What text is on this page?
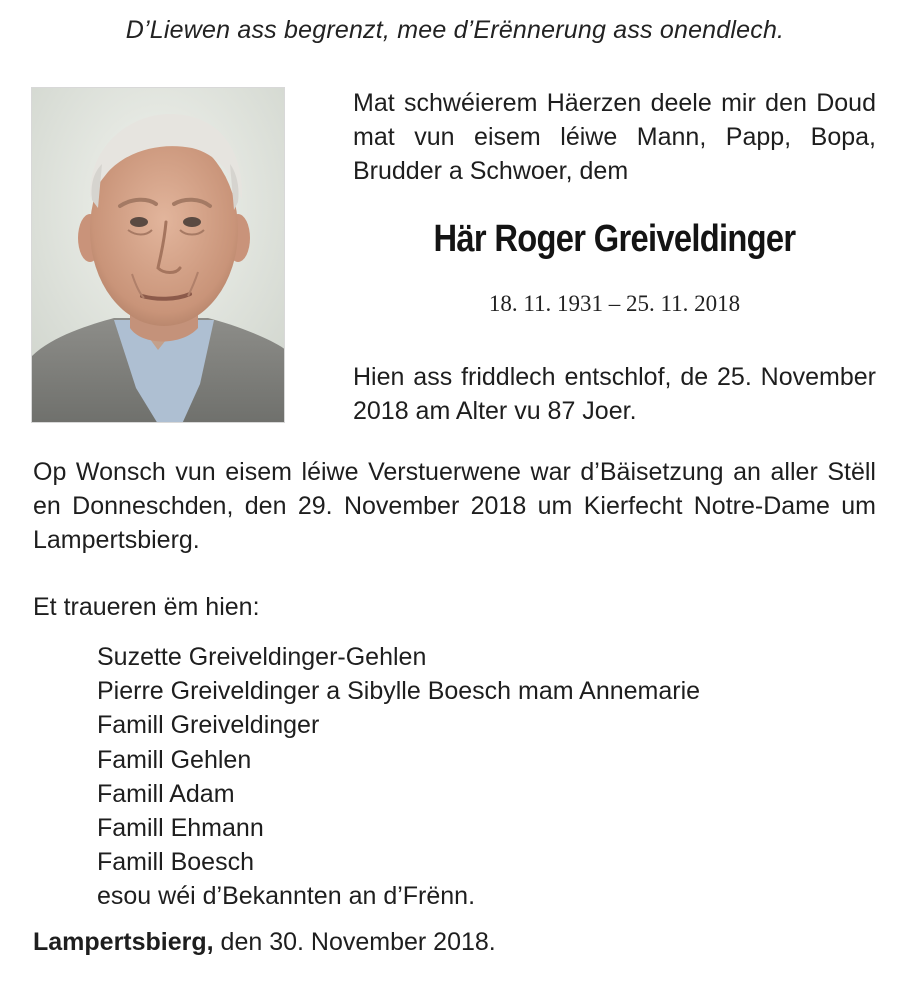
D’Liewen ass begrenzt, mee d’Erënnerung ass onendlech.
Mat schwéierem Häerzen deele mir den Doud mat vun eisem léiwe Mann, Papp, Bopa, Brudder a Schwoer, dem
Här Roger Greiveldinger
18. 11. 1931 – 25. 11. 2018
Hien ass friddlech entschlof, de 25. November 2018 am Alter vu 87 Joer.
Op Wonsch vun eisem léiwe Verstuerwene war d’Bäisetzung an aller Stëll en Donneschden, den 29. November 2018 um Kierfecht Notre-Dame um Lampertsbierg.
Et traueren ëm hien:
Suzette Greiveldinger-Gehlen
Pierre Greiveldinger a Sibylle Boesch mam Annemarie
Famill Greiveldinger
Famill Gehlen
Famill Adam
Famill Ehmann
Famill Boesch
esou wéi d’Bekannten an d’Frënn.
Lampertsbierg, den 30. November 2018.
